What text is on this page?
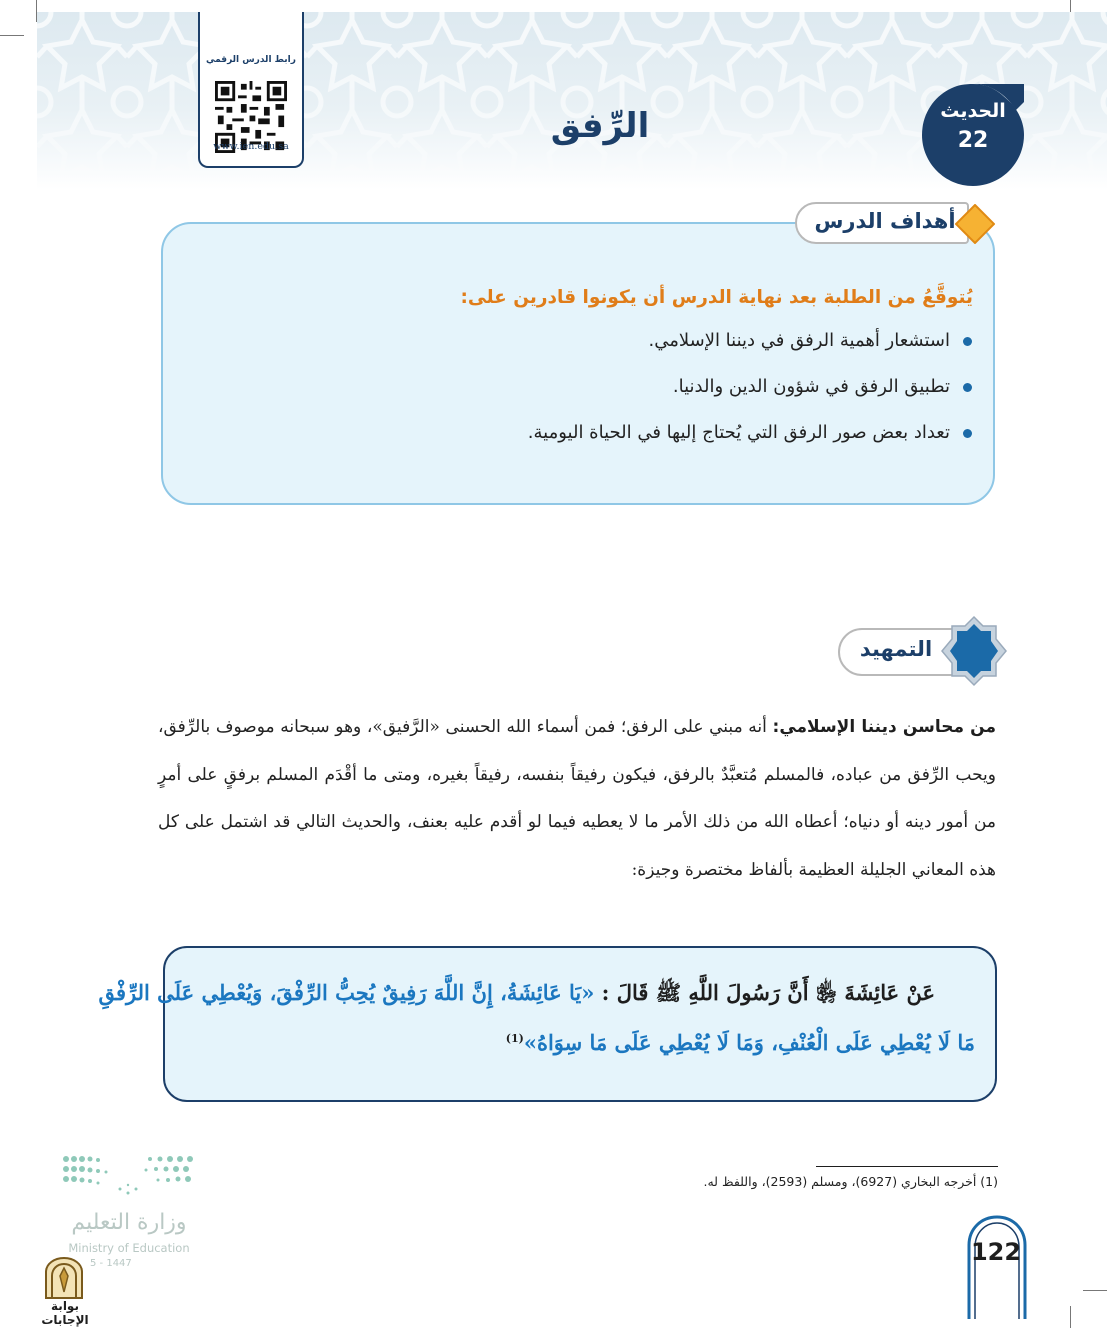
رابط الدرس الرقمي
www.ien.edu.sa
الرِّفق	الحديث
22
أهداف الدرس
يُتوقَّعُ من الطلبة بعد نهاية الدرس أن يكونوا قادرين على:
استشعار أهمية الرفق في ديننا الإسلامي.
تطبيق الرفق في شؤون الدين والدنيا.
تعداد بعض صور الرفق التي يُحتاج إليها في الحياة اليومية.
التمهيد
من محاسن ديننا الإسلامي: أنه مبني على الرفق؛ فمن أسماء الله الحسنى «الرَّفيق»، وهو سبحانه موصوف بالرِّفق، ويحب الرِّفق من عباده، فالمسلم مُتعبَّدٌ بالرفق، فيكون رفيقاً بنفسه، رفيقاً بغيره، ومتى ما أقْدَم المسلم برفقٍ على أمرٍ من أمور دينه أو دنياه؛ أعطاه الله من ذلك الأمر ما لا يعطيه فيما لو أقدم عليه بعنف، والحديث التالي قد اشتمل على كل هذه المعاني الجليلة العظيمة بألفاظ مختصرة وجيزة:
عَنْ عَائِشَةَ ﵂ أَنَّ رَسُولَ اللَّهِ ﷺ قَالَ : «يَا عَائِشَةُ، إِنَّ اللَّهَ رَفِيقٌ يُحِبُّ الرِّفْقَ، وَيُعْطِي عَلَى الرِّفْقِ
مَا لَا يُعْطِي عَلَى الْعُنْفِ، وَمَا لَا يُعْطِي عَلَى مَا سِوَاهُ»$^{(1)}$
(1) أخرجه البخاري (6927)، ومسلم (2593)، واللفظ له.
وزارة التعليم
Ministry of Education
5 - 1447
بوابة الإجابات
122
